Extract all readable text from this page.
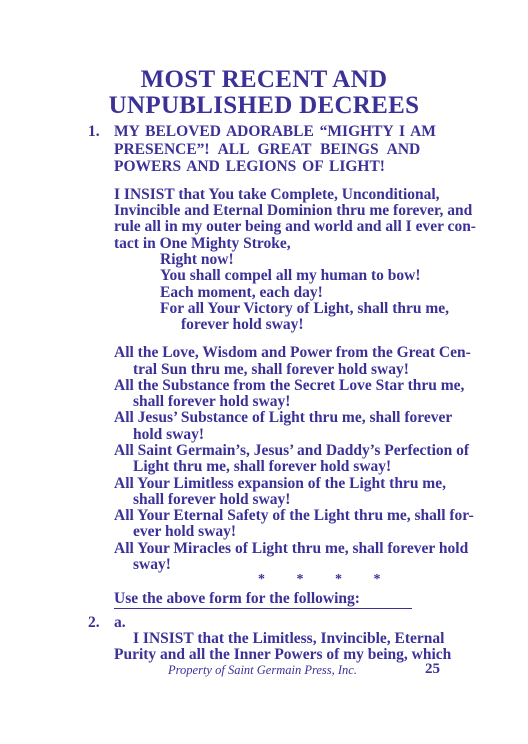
MOST RECENT AND
UNPUBLISHED DECREES
1. MY BELOVED ADORABLE “MIGHTY I AM
PRESENCE”! ALL GREAT BEINGS AND
POWERS AND LEGIONS OF LIGHT!
I INSIST that You take Complete, Unconditional,
Invincible and Eternal Dominion thru me forever, and
rule all in my outer being and world and all I ever con-
tact in One Mighty Stroke,
Right now!
You shall compel all my human to bow!
Each moment, each day!
For all Your Victory of Light, shall thru me,
forever hold sway!
All the Love, Wisdom and Power from the Great Cen-
tral Sun thru me, shall forever hold sway!
All the Substance from the Secret Love Star thru me,
shall forever hold sway!
All Jesus’ Substance of Light thru me, shall forever
hold sway!
All Saint Germain’s, Jesus’ and Daddy’s Perfection of
Light thru me, shall forever hold sway!
All Your Limitless expansion of the Light thru me,
shall forever hold sway!
All Your Eternal Safety of the Light thru me, shall for-
ever hold sway!
All Your Miracles of Light thru me, shall forever hold
sway!
* * * *
Use the above form for the following:
2. a.
I INSIST that the Limitless, Invincible, Eternal
Purity and all the Inner Powers of my being, which
Property of Saint Germain Press, Inc.	25
